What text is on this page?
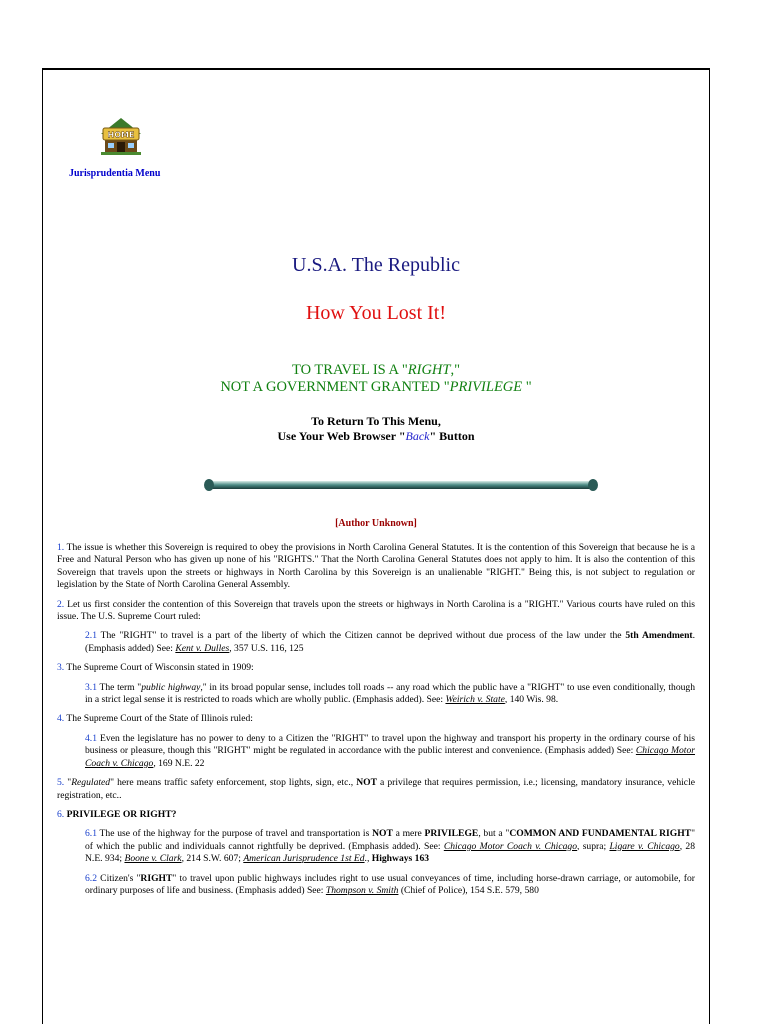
HOME
Jurisprudentia Menu
U.S.A. The Republic
How You Lost It!
TO TRAVEL IS A "RIGHT,"
NOT A GOVERNMENT GRANTED "PRIVILEGE "
To Return To This Menu,
Use Your Web Browser "Back" Button
[Author Unknown]

1. The issue is whether this Sovereign is required to obey the provisions in North Carolina General Statutes. It is the contention of this Sovereign that because he is a Free and Natural Person who has given up none of his "RIGHTS." That the North Carolina General Statutes does not apply to him. It is also the contention of this Sovereign that travels upon the streets or highways in North Carolina by this Sovereign is an unalienable "RIGHT." Being this, is not subject to regulation or legislation by the State of North Carolina General Assembly.

2. Let us first consider the contention of this Sovereign that travels upon the streets or highways in North Carolina is a "RIGHT." Various courts have ruled on this issue. The U.S. Supreme Court ruled:

2.1 The "RIGHT" to travel is a part of the liberty of which the Citizen cannot be deprived without due process of the law under the 5th Amendment. (Emphasis added) See: Kent v. Dulles, 357 U.S. 116, 125

3. The Supreme Court of Wisconsin stated in 1909:

3.1 The term "public highway," in its broad popular sense, includes toll roads -- any road which the public have a "RIGHT" to use even conditionally, though in a strict legal sense it is restricted to roads which are wholly public. (Emphasis added). See: Weirich v. State, 140 Wis. 98.

4. The Supreme Court of the State of Illinois ruled:

4.1 Even the legislature has no power to deny to a Citizen the "RIGHT" to travel upon the highway and transport his property in the ordinary course of his business or pleasure, though this "RIGHT" might be regulated in accordance with the public interest and convenience. (Emphasis added) See: Chicago Motor Coach v. Chicago, 169 N.E. 22

5. "Regulated" here means traffic safety enforcement, stop lights, sign, etc., NOT a privilege that requires permission, i.e.; licensing, mandatory insurance, vehicle registration, etc..

6. PRIVILEGE OR RIGHT?

6.1 The use of the highway for the purpose of travel and transportation is NOT a mere PRIVILEGE, but a "COMMON AND FUNDAMENTAL RIGHT" of which the public and individuals cannot rightfully be deprived. (Emphasis added). See: Chicago Motor Coach v. Chicago, supra; Ligare v. Chicago, 28 N.E. 934; Boone v. Clark, 214 S.W. 607; American Jurisprudence 1st Ed., Highways 163

6.2 Citizen's "RIGHT" to travel upon public highways includes right to use usual conveyances of time, including horse-drawn carriage, or automobile, for ordinary purposes of life and business. (Emphasis added) See: Thompson v. Smith (Chief of Police), 154 S.E. 579, 580
